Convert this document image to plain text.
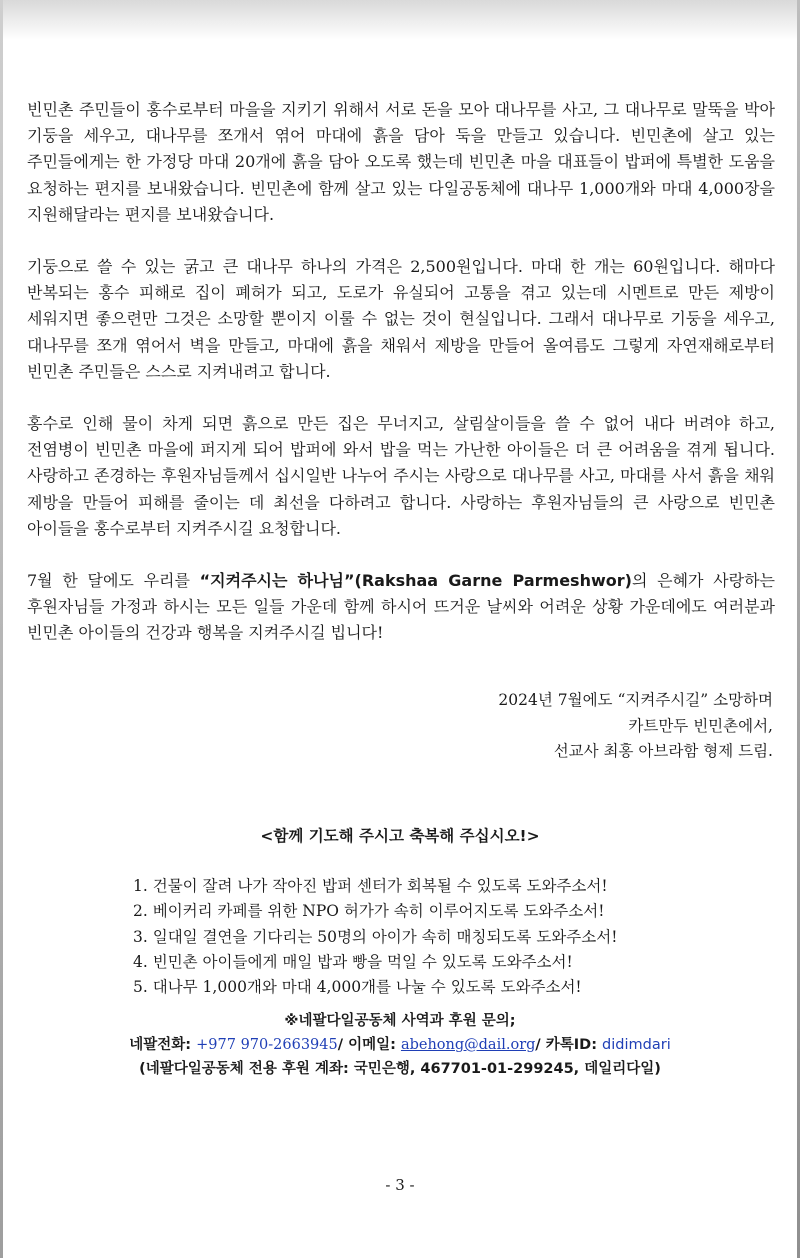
빈민촌 주민들이 홍수로부터 마을을 지키기 위해서 서로 돈을 모아 대나무를 사고, 그 대나무로 말뚝을 박아 기둥을 세우고, 대나무를 쪼개서 엮어 마대에 흙을 담아 둑을 만들고 있습니다. 빈민촌에 살고 있는 주민들에게는 한 가정당 마대 20개에 흙을 담아 오도록 했는데 빈민촌 마을 대표들이 밥퍼에 특별한 도움을 요청하는 편지를 보내왔습니다. 빈민촌에 함께 살고 있는 다일공동체에 대나무 1,000개와 마대 4,000장을 지원해달라는 편지를 보내왔습니다.

기둥으로 쓸 수 있는 굵고 큰 대나무 하나의 가격은 2,500원입니다. 마대 한 개는 60원입니다. 해마다 반복되는 홍수 피해로 집이 폐허가 되고, 도로가 유실되어 고통을 겪고 있는데 시멘트로 만든 제방이 세워지면 좋으련만 그것은 소망할 뿐이지 이룰 수 없는 것이 현실입니다. 그래서 대나무로 기둥을 세우고, 대나무를 쪼개 엮어서 벽을 만들고, 마대에 흙을 채워서 제방을 만들어 올여름도 그렇게 자연재해로부터 빈민촌 주민들은 스스로 지켜내려고 합니다.

홍수로 인해 물이 차게 되면 흙으로 만든 집은 무너지고, 살림살이들을 쓸 수 없어 내다 버려야 하고, 전염병이 빈민촌 마을에 퍼지게 되어 밥퍼에 와서 밥을 먹는 가난한 아이들은 더 큰 어려움을 겪게 됩니다. 사랑하고 존경하는 후원자님들께서 십시일반 나누어 주시는 사랑으로 대나무를 사고, 마대를 사서 흙을 채워 제방을 만들어 피해를 줄이는 데 최선을 다하려고 합니다. 사랑하는 후원자님들의 큰 사랑으로 빈민촌 아이들을 홍수로부터 지켜주시길 요청합니다.

7월 한 달에도 우리를 “지켜주시는 하나님”(Rakshaa Garne Parmeshwor)의 은혜가 사랑하는 후원자님들 가정과 하시는 모든 일들 가운데 함께 하시어 뜨거운 날씨와 어려운 상황 가운데에도 여러분과 빈민촌 아이들의 건강과 행복을 지켜주시길 빕니다!

2024년 7월에도 “지켜주시길” 소망하며
카트만두 빈민촌에서,
선교사 최홍 아브라함 형제 드림.
<함께 기도해 주시고 축복해 주십시오!>
1. 건물이 잘려 나가 작아진 밥퍼 센터가 회복될 수 있도록 도와주소서!
2. 베이커리 카페를 위한 NPO 허가가 속히 이루어지도록 도와주소서!
3. 일대일 결연을 기다리는 50명의 아이가 속히 매칭되도록 도와주소서!
4. 빈민촌 아이들에게 매일 밥과 빵을 먹일 수 있도록 도와주소서!
5. 대나무 1,000개와 마대 4,000개를 나눌 수 있도록 도와주소서!
※네팔다일공동체 사역과 후원 문의;
네팔전화: +977 970-2663945/ 이메일: abehong@dail.org/ 카톡ID: didimdari
(네팔다일공동체 전용 후원 계좌: 국민은행, 467701-01-299245, 데일리다일)
- 3 -
